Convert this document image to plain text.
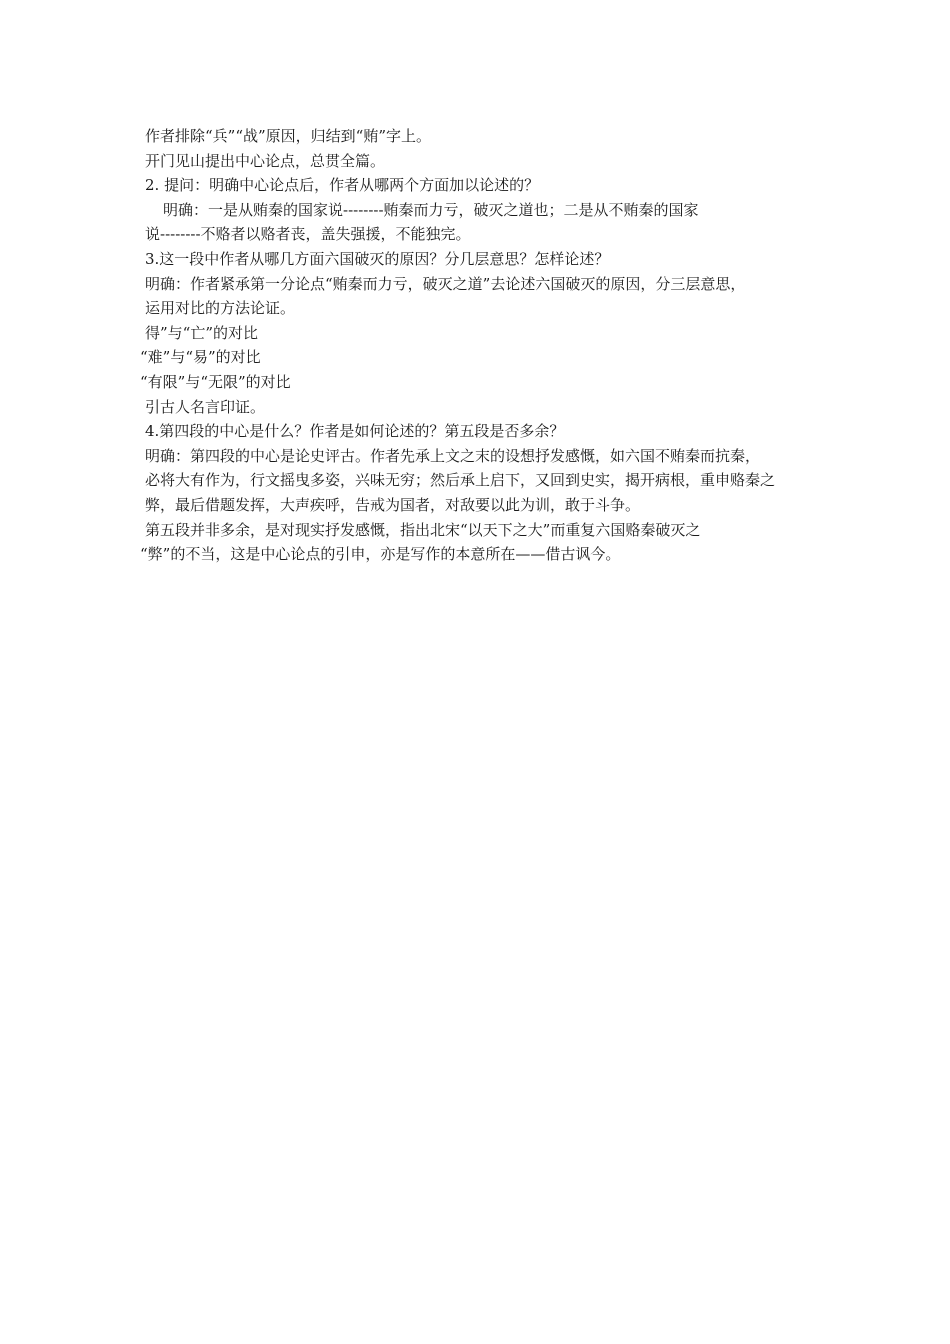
作者排除“兵”“战”原因，归结到“贿”字上。
开门见山提出中心论点，总贯全篇。
2. 提问：明确中心论点后，作者从哪两个方面加以论述的？
明确：一是从贿秦的国家说--------贿秦而力亏，破灭之道也；二是从不贿秦的国家
说--------不赂者以赂者丧，盖失强援，不能独完。
3.这一段中作者从哪几方面六国破灭的原因？分几层意思？怎样论述？
明确：作者紧承第一分论点“贿秦而力亏，破灭之道”去论述六国破灭的原因，分三层意思，
运用对比的方法论证。
得”与“亡”的对比
“难”与“易”的对比
“有限”与“无限”的对比
引古人名言印证。
4.第四段的中心是什么？作者是如何论述的？第五段是否多余？
明确：第四段的中心是论史评古。作者先承上文之末的设想抒发感慨，如六国不贿秦而抗秦，
必将大有作为，行文摇曳多姿，兴味无穷；然后承上启下，又回到史实，揭开病根，重申赂秦之
弊，最后借题发挥，大声疾呼，告戒为国者，对敌要以此为训，敢于斗争。
第五段并非多余，是对现实抒发感慨，指出北宋“以天下之大”而重复六国赂秦破灭之
“弊”的不当，这是中心论点的引申，亦是写作的本意所在——借古讽今。
